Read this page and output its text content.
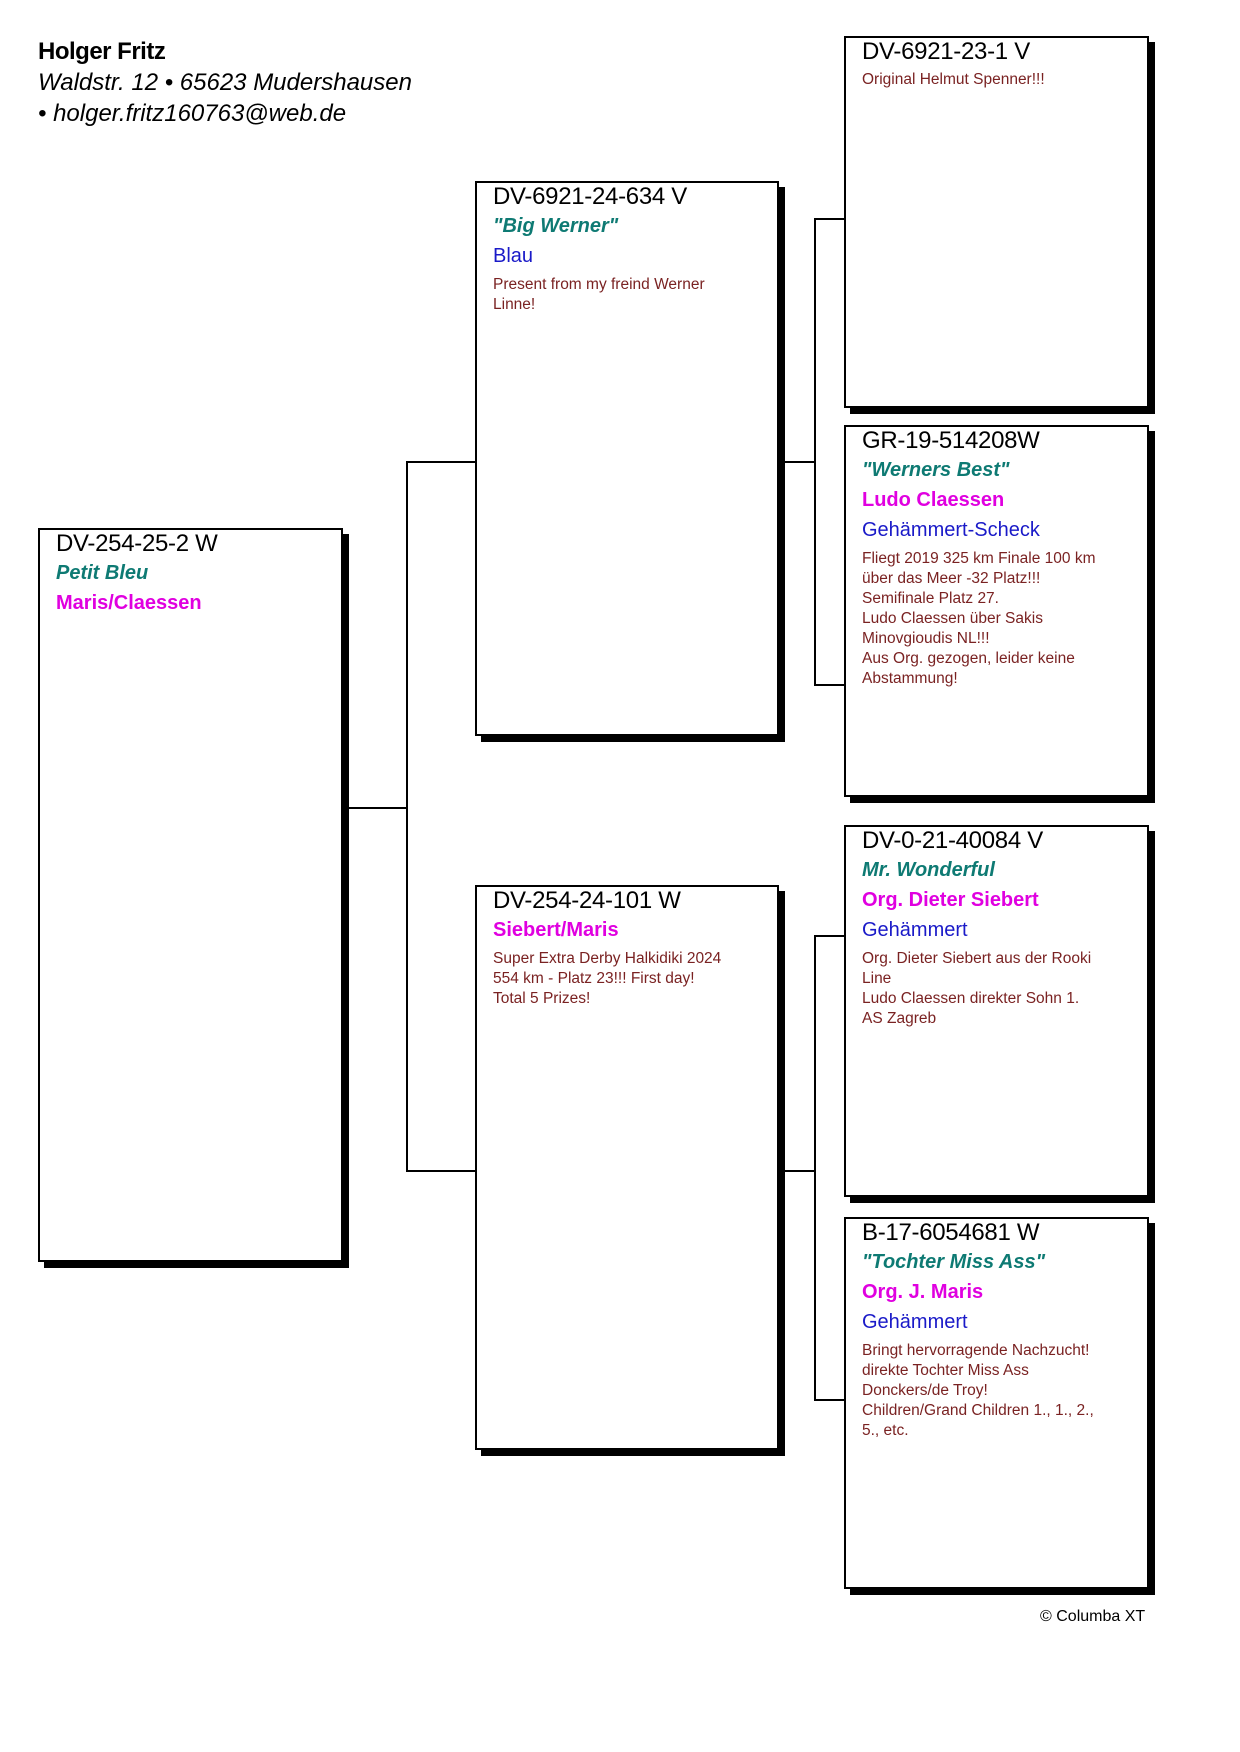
Holger Fritz
Waldstr. 12 • 65623 Mudershausen
• holger.fritz160763@web.de
DV-254-25-2 W
Petit Bleu
Maris/Claessen
DV-6921-24-634 V
"Big Werner"
Blau
Present from my freind Werner
Linne!
DV-254-24-101 W
Siebert/Maris
Super Extra Derby Halkidiki 2024
554 km - Platz 23!!! First day!
Total 5 Prizes!
DV-6921-23-1 V
Original Helmut Spenner!!!
GR-19-514208W
"Werners Best"
Ludo Claessen
Gehämmert-Scheck
Fliegt 2019 325 km Finale 100 km
über das Meer -32 Platz!!!
Semifinale Platz 27.
Ludo Claessen über Sakis
Minovgioudis NL!!!
Aus Org. gezogen, leider keine
Abstammung!
DV-0-21-40084 V
Mr. Wonderful
Org. Dieter Siebert
Gehämmert
Org. Dieter Siebert aus der Rooki
Line
Ludo Claessen direkter Sohn 1.
AS Zagreb
B-17-6054681 W
"Tochter Miss Ass"
Org. J. Maris
Gehämmert
Bringt hervorragende Nachzucht!
direkte Tochter Miss Ass
Donckers/de Troy!
Children/Grand Children 1., 1., 2.,
5., etc.
© Columba XT
